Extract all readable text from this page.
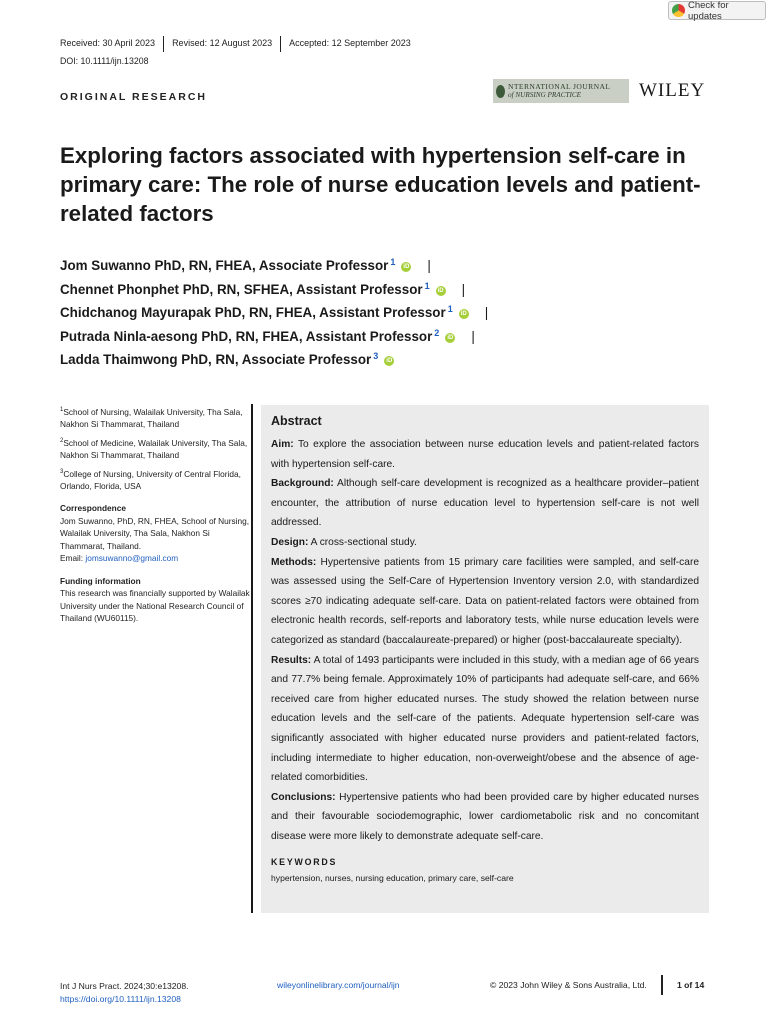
Check for updates
Received: 30 April 2023	Revised: 12 August 2023	Accepted: 12 September 2023
DOI: 10.1111/ijn.13208
ORIGINAL RESEARCH
NTERNATIONAL JOURNAL
of NURSING PRACTICE	WILEY
Exploring factors associated with hypertension self-care in primary care: The role of nurse education levels and patient-related factors
Jom Suwanno PhD, RN, FHEA, Associate Professor$^1$	iD |
Chennet Phonphet PhD, RN, SFHEA, Assistant Professor$^1$	iD |
Chidchanog Mayurapak PhD, RN, FHEA, Assistant Professor$^1$	iD |
Putrada Ninla-aesong PhD, RN, FHEA, Assistant Professor$^2$	iD |
Ladda Thaimwong PhD, RN, Associate Professor$^3$	iD
$^1$School of Nursing, Walailak University, Tha Sala, Nakhon Si Thammarat, Thailand
$^2$School of Medicine, Walailak University, Tha Sala, Nakhon Si Thammarat, Thailand
$^3$College of Nursing, University of Central Florida, Orlando, Florida, USA
Correspondence
Jom Suwanno, PhD, RN, FHEA, School of Nursing, Walailak University, Tha Sala, Nakhon Si Thammarat, Thailand.
Email: jomsuwanno@gmail.com
Funding information
This research was financially supported by Walailak University under the National Research Council of Thailand (WU60115).
Abstract
Aim: To explore the association between nurse education levels and patient-related factors with hypertension self-care.
Background: Although self-care development is recognized as a healthcare provider–patient encounter, the attribution of nurse education level to hypertension self-care is not well addressed.
Design: A cross-sectional study.
Methods: Hypertensive patients from 15 primary care facilities were sampled, and self-care was assessed using the Self-Care of Hypertension Inventory version 2.0, with standardized scores ≥70 indicating adequate self-care. Data on patient-related factors were obtained from electronic health records, self-reports and laboratory tests, while nurse education levels were categorized as standard (baccalaureate-prepared) or higher (post-baccalaureate specialty).
Results: A total of 1493 participants were included in this study, with a median age of 66 years and 77.7% being female. Approximately 10% of participants had adequate self-care, and 66% received care from higher educated nurses. The study showed the relation between nurse education levels and the self-care of the patients. Adequate hypertension self-care was significantly associated with higher educated nurse providers and patient-related factors, including intermediate to higher education, non-overweight/obese and the absence of age-related comorbidities.
Conclusions: Hypertensive patients who had been provided care by higher educated nurses and their favourable sociodemographic, lower cardiometabolic risk and no concomitant disease were more likely to demonstrate adequate self-care.
KEYWORDS
hypertension, nurses, nursing education, primary care, self-care
Int J Nurs Pract. 2024;30:e13208.
https://doi.org/10.1111/ijn.13208
wileyonlinelibrary.com/journal/ijn	© 2023 John Wiley & Sons Australia, Ltd.	1 of 14
